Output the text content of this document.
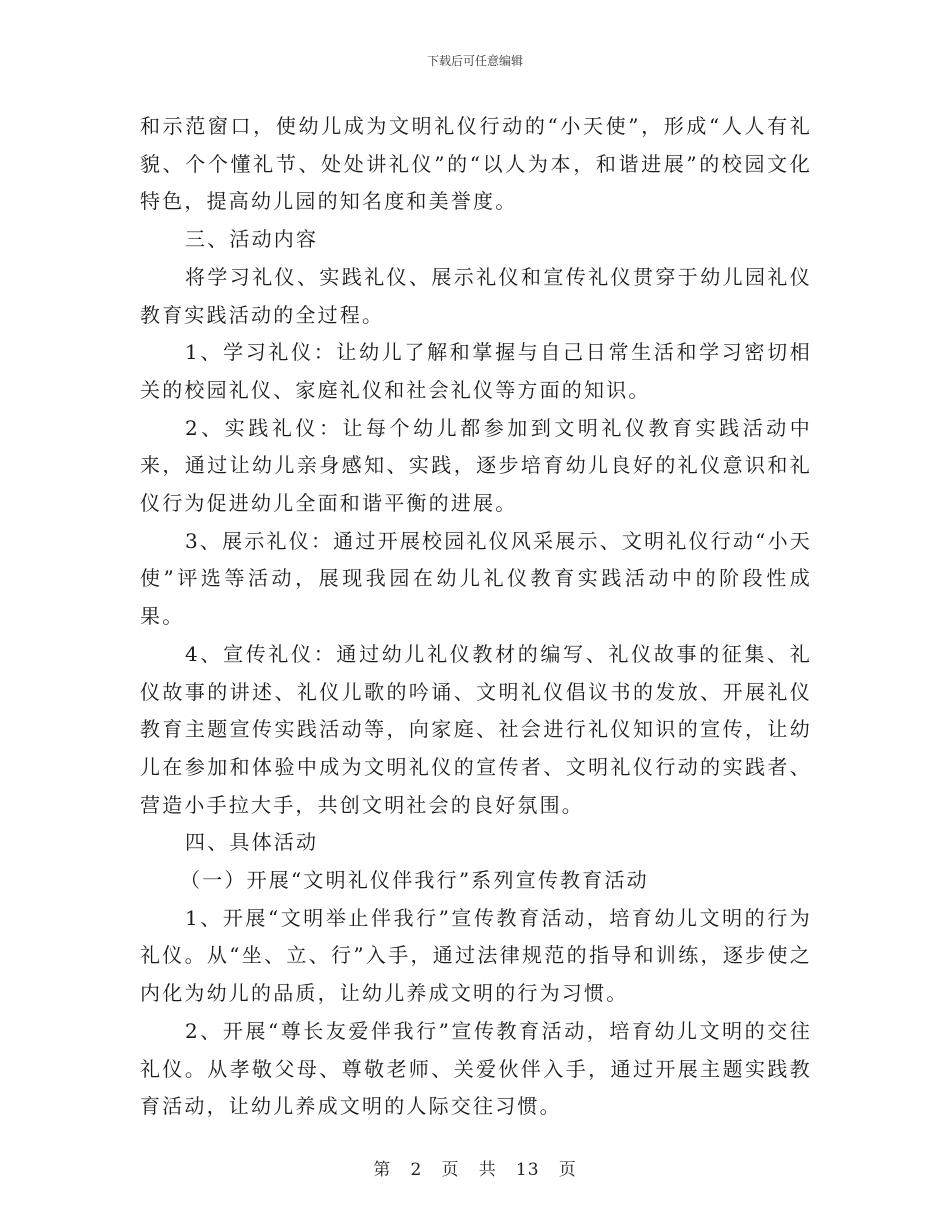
下载后可任意编辑

和示范窗口，使幼儿成为文明礼仪行动的“小天使”，形成“人人有礼貌、个个懂礼节、处处讲礼仪”的“以人为本，和谐进展”的校园文化特色，提高幼儿园的知名度和美誉度。

三、活动内容

将学习礼仪、实践礼仪、展示礼仪和宣传礼仪贯穿于幼儿园礼仪教育实践活动的全过程。

1、学习礼仪：让幼儿了解和掌握与自己日常生活和学习密切相关的校园礼仪、家庭礼仪和社会礼仪等方面的知识。

2、实践礼仪：让每个幼儿都参加到文明礼仪教育实践活动中来，通过让幼儿亲身感知、实践，逐步培育幼儿良好的礼仪意识和礼仪行为促进幼儿全面和谐平衡的进展。

3、展示礼仪：通过开展校园礼仪风采展示、文明礼仪行动“小天使”评选等活动，展现我园在幼儿礼仪教育实践活动中的阶段性成果。

4、宣传礼仪：通过幼儿礼仪教材的编写、礼仪故事的征集、礼仪故事的讲述、礼仪儿歌的吟诵、文明礼仪倡议书的发放、开展礼仪教育主题宣传实践活动等，向家庭、社会进行礼仪知识的宣传，让幼儿在参加和体验中成为文明礼仪的宣传者、文明礼仪行动的实践者、营造小手拉大手，共创文明社会的良好氛围。

四、具体活动

（一）开展“文明礼仪伴我行”系列宣传教育活动

1、开展“文明举止伴我行”宣传教育活动，培育幼儿文明的行为礼仪。从“坐、立、行”入手，通过法律规范的指导和训练，逐步使之内化为幼儿的品质，让幼儿养成文明的行为习惯。

2、开展“尊长友爱伴我行”宣传教育活动，培育幼儿文明的交往礼仪。从孝敬父母、尊敬老师、关爱伙伴入手，通过开展主题实践教育活动，让幼儿养成文明的人际交往习惯。

第 2 页 共 13 页
